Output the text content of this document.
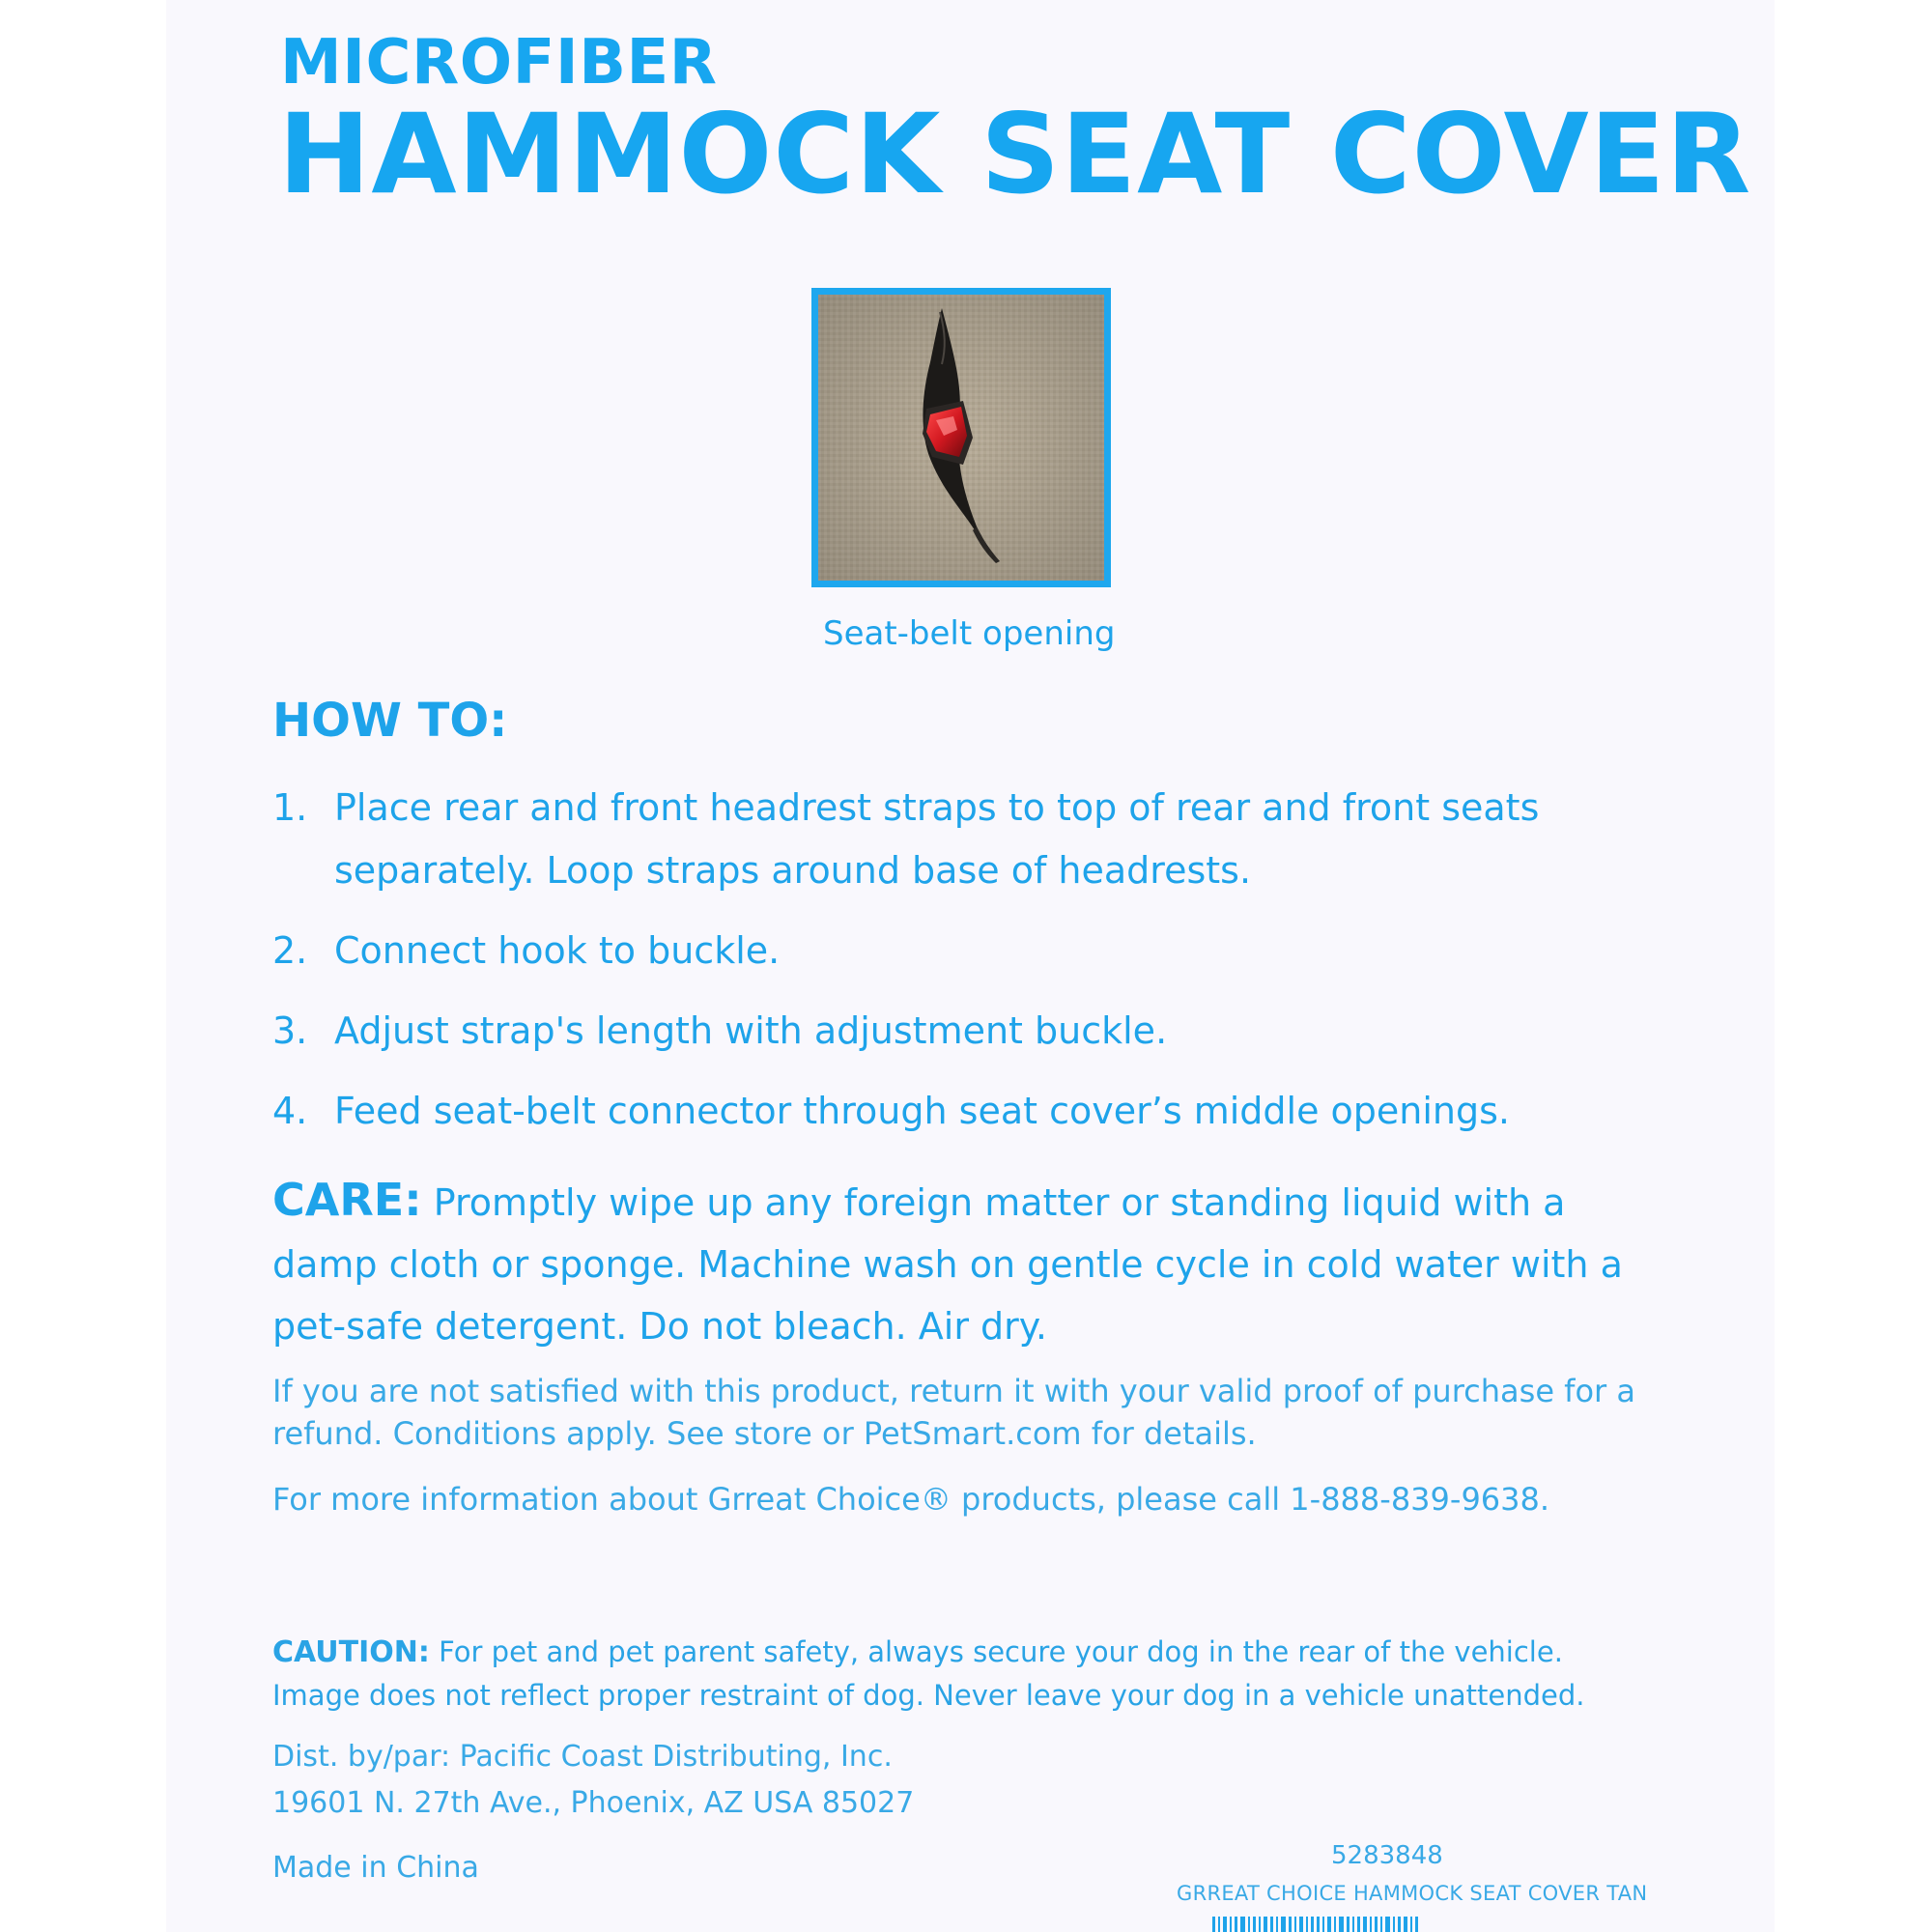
MICROFIBER
HAMMOCK SEAT COVER
Seat-belt opening
HOW TO:
1. Place rear and front headrest straps to top of rear and front seats separately. Loop straps around base of headrests.
2. Connect hook to buckle.
3. Adjust strap's length with adjustment buckle.
4. Feed seat-belt connector through seat cover’s middle openings.
CARE: Promptly wipe up any foreign matter or standing liquid with a damp cloth or sponge. Machine wash on gentle cycle in cold water with a pet-safe detergent. Do not bleach. Air dry.
If you are not satisfied with this product, return it with your valid proof of purchase for a refund. Conditions apply. See store or PetSmart.com for details.
For more information about Grreat Choice® products, please call 1-888-839-9638.
CAUTION: For pet and pet parent safety, always secure your dog in the rear of the vehicle. Image does not reflect proper restraint of dog. Never leave your dog in a vehicle unattended.
Dist. by/par: Pacific Coast Distributing, Inc.
19601 N. 27th Ave., Phoenix, AZ USA 85027
Made in China	5283848
GRREAT CHOICE HAMMOCK SEAT COVER TAN
